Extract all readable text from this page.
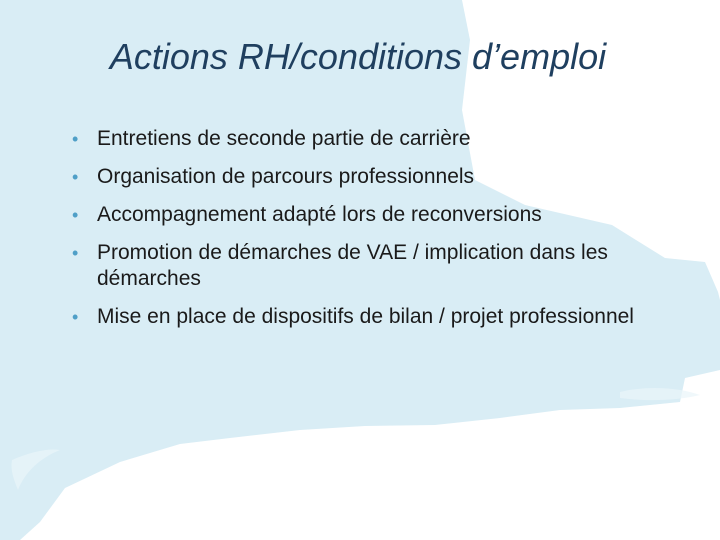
Actions RH/conditions d’emploi
• Entretiens de seconde partie de carrière
• Organisation de parcours professionnels
• Accompagnement adapté lors de reconversions
• Promotion de démarches de VAE / implication dans les démarches
• Mise en place de dispositifs de bilan / projet professionnel
